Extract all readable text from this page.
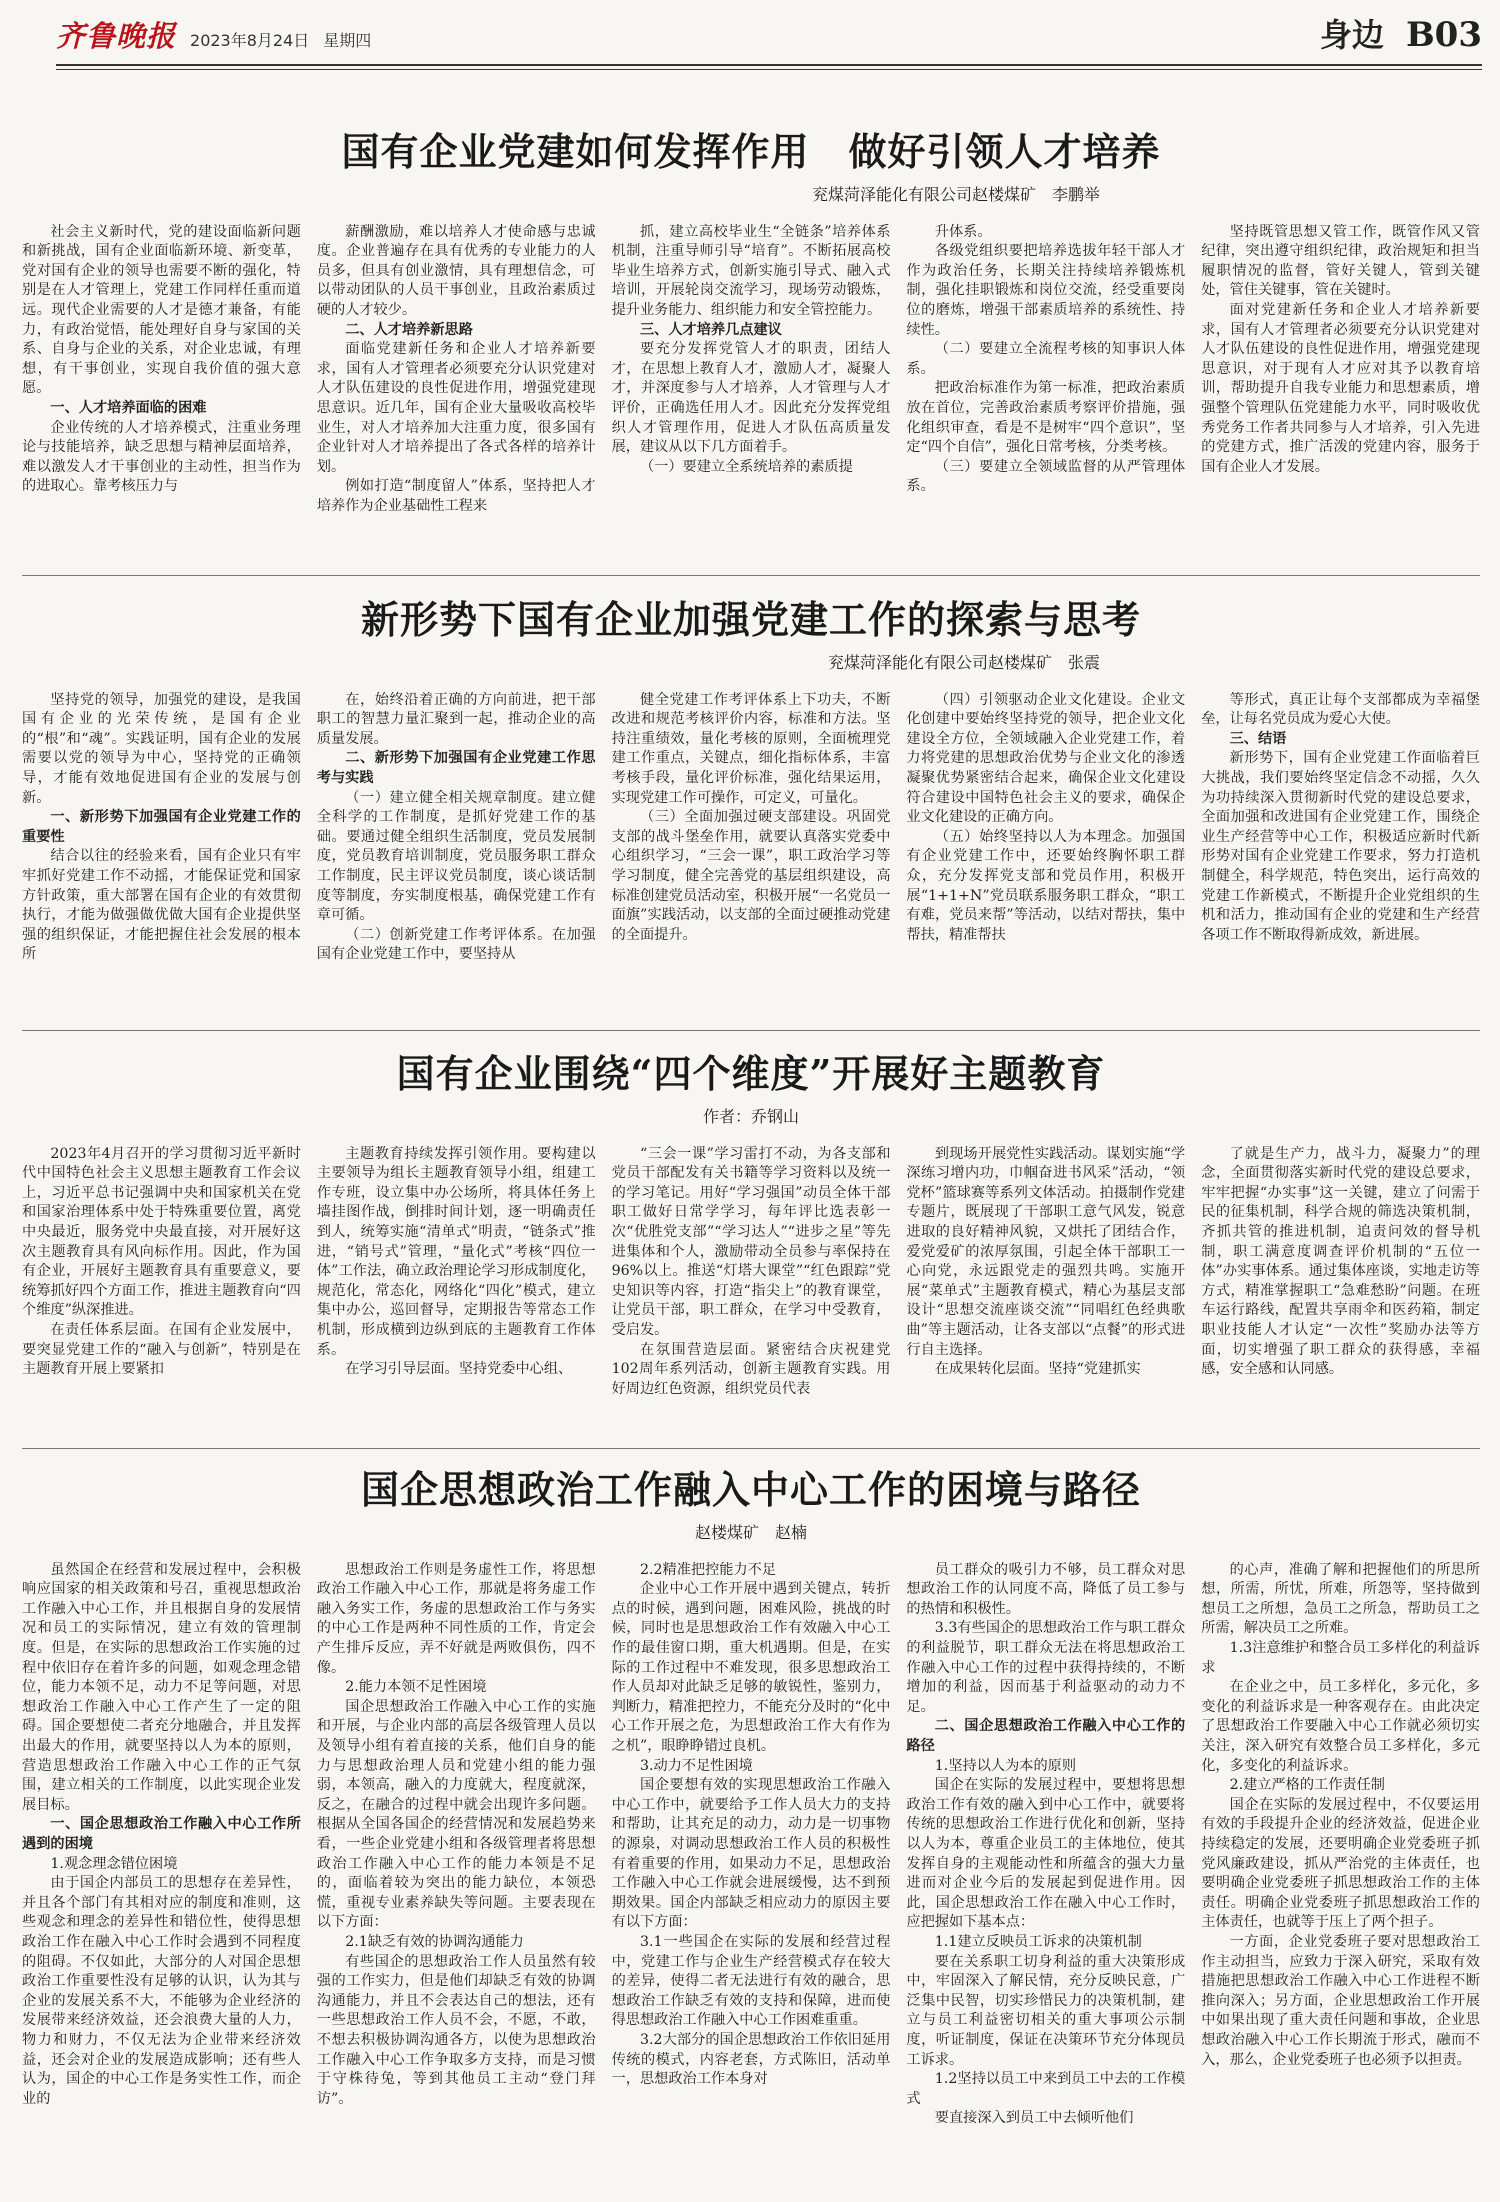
齐鲁晚报 2023年8月24日 星期四	身边 B03
国有企业党建如何发挥作用　做好引领人才培养
兖煤菏泽能化有限公司赵楼煤矿　李鹏举

社会主义新时代，党的建设面临新问题和新挑战，国有企业面临新环境、新变革，党对国有企业的领导也需要不断的强化，特别是在人才管理上，党建工作同样任重而道远。现代企业需要的人才是德才兼备，有能力，有政治觉悟，能处理好自身与家国的关系、自身与企业的关系，对企业忠诚，有理想，有干事创业，实现自我价值的强大意愿。

一、人才培养面临的困难

企业传统的人才培养模式，注重业务理论与技能培养，缺乏思想与精神层面培养，难以激发人才干事创业的主动性，担当作为的进取心。靠考核压力与

薪酬激励，难以培养人才使命感与忠诚度。企业普遍存在具有优秀的专业能力的人员多，但具有创业激情，具有理想信念，可以带动团队的人员干事创业，且政治素质过硬的人才较少。

二、人才培养新思路

面临党建新任务和企业人才培养新要求，国有人才管理者必须要充分认识党建对人才队伍建设的良性促进作用，增强党建现思意识。近几年，国有企业大量吸收高校毕业生，对人才培养加大注重力度，很多国有企业针对人才培养提出了各式各样的培养计划。

例如打造“制度留人”体系，坚持把人才培养作为企业基础性工程来

抓，建立高校毕业生“全链条”培养体系机制，注重导师引导“培育”。不断拓展高校毕业生培养方式，创新实施引导式、融入式培训，开展轮岗交流学习，现场劳动锻炼，提升业务能力、组织能力和安全管控能力。

三、人才培养几点建议

要充分发挥党管人才的职责，团结人才，在思想上教育人才，激励人才，凝聚人才，并深度参与人才培养，人才管理与人才评价，正确选任用人才。因此充分发挥党组织人才管理作用，促进人才队伍高质量发展，建议从以下几方面着手。

（一）要建立全系统培养的素质提

升体系。

各级党组织要把培养选拔年轻干部人才作为政治任务，长期关注持续培养锻炼机制，强化挂职锻炼和岗位交流，经受重要岗位的磨炼，增强干部素质培养的系统性、持续性。

（二）要建立全流程考核的知事识人体系。

把政治标准作为第一标准，把政治素质放在首位，完善政治素质考察评价措施，强化组织审查，看是不是树牢“四个意识”，坚定“四个自信”，强化日常考核，分类考核。

（三）要建立全领域监督的从严管理体系。

坚持既管思想又管工作，既管作风又管纪律，突出遵守组织纪律，政治规矩和担当履职情况的监督，管好关键人，管到关键处，管住关键事，管在关键时。

面对党建新任务和企业人才培养新要求，国有人才管理者必须要充分认识党建对人才队伍建设的良性促进作用，增强党建现思意识，对于现有人才应对其予以教育培训，帮助提升自我专业能力和思想素质，增强整个管理队伍党建能力水平，同时吸收优秀党务工作者共同参与人才培养，引入先进的党建方式，推广活泼的党建内容，服务于国有企业人才发展。

新形势下国有企业加强党建工作的探索与思考
兖煤菏泽能化有限公司赵楼煤矿　张震

坚持党的领导，加强党的建设，是我国国有企业的光荣传统，是国有企业的“根”和“魂”。实践证明，国有企业的发展需要以党的领导为中心，坚持党的正确领导，才能有效地促进国有企业的发展与创新。

一、新形势下加强国有企业党建工作的重要性

结合以往的经验来看，国有企业只有牢牢抓好党建工作不动摇，才能保证党和国家方针政策，重大部署在国有企业的有效贯彻执行，才能为做强做优做大国有企业提供坚强的组织保证，才能把握住社会发展的根本所

在，始终沿着正确的方向前进，把干部职工的智慧力量汇聚到一起，推动企业的高质量发展。

二、新形势下加强国有企业党建工作思考与实践

（一）建立健全相关规章制度。建立健全科学的工作制度，是抓好党建工作的基础。要通过健全组织生活制度，党员发展制度，党员教育培训制度，党员服务职工群众工作制度，民主评议党员制度，谈心谈话制度等制度，夯实制度根基，确保党建工作有章可循。

（二）创新党建工作考评体系。在加强国有企业党建工作中，要坚持从

健全党建工作考评体系上下功夫，不断改进和规范考核评价内容，标准和方法。坚持注重绩效，量化考核的原则，全面梳理党建工作重点，关键点，细化指标体系，丰富考核手段，量化评价标准，强化结果运用，实现党建工作可操作，可定义，可量化。

（三）全面加强过硬支部建设。巩固党支部的战斗堡垒作用，就要认真落实党委中心组织学习，“三会一课”，职工政治学习等学习制度，健全完善党的基层组织建设，高标准创建党员活动室，积极开展“一名党员一面旗”实践活动，以支部的全面过硬推动党建的全面提升。

（四）引领驱动企业文化建设。企业文化创建中要始终坚持党的领导，把企业文化建设全方位，全领域融入企业党建工作，着力将党建的思想政治优势与企业文化的渗透凝聚优势紧密结合起来，确保企业文化建设符合建设中国特色社会主义的要求，确保企业文化建设的正确方向。

（五）始终坚持以人为本理念。加强国有企业党建工作中，还要始终胸怀职工群众，充分发挥党支部和党员作用，积极开展“1+1+N”党员联系服务职工群众，“职工有难，党员来帮”等活动，以结对帮扶，集中帮扶，精准帮扶

等形式，真正让每个支部都成为幸福堡垒，让每名党员成为爱心大使。

三、结语

新形势下，国有企业党建工作面临着巨大挑战，我们要始终坚定信念不动摇，久久为功持续深入贯彻新时代党的建设总要求，全面加强和改进国有企业党建工作，围绕企业生产经营等中心工作，积极适应新时代新形势对国有企业党建工作要求，努力打造机制健全，科学规范，特色突出，运行高效的党建工作新模式，不断提升企业党组织的生机和活力，推动国有企业的党建和生产经营各项工作不断取得新成效，新进展。

国有企业围绕“四个维度”开展好主题教育
作者：乔钢山

2023年4月召开的学习贯彻习近平新时代中国特色社会主义思想主题教育工作会议上，习近平总书记强调中央和国家机关在党和国家治理体系中处于特殊重要位置，离党中央最近，服务党中央最直接，对开展好这次主题教育具有风向标作用。因此，作为国有企业，开展好主题教育具有重要意义，要统筹抓好四个方面工作，推进主题教育向“四个维度”纵深推进。

在责任体系层面。在国有企业发展中，要突显党建工作的“融入与创新”，特别是在主题教育开展上要紧扣

主题教育持续发挥引领作用。要构建以主要领导为组长主题教育领导小组，组建工作专班，设立集中办公场所，将具体任务上墙挂图作战，倒排时间计划，逐一明确责任到人，统筹实施“清单式”明责，“链条式”推进，“销号式”管理，“量化式”考核“四位一体”工作法，确立政治理论学习形成制度化，规范化，常态化，网络化“四化”模式，建立集中办公，巡回督导，定期报告等常态工作机制，形成横到边纵到底的主题教育工作体系。

在学习引导层面。坚持党委中心组、

“三会一课”学习雷打不动，为各支部和党员干部配发有关书籍等学习资料以及统一的学习笔记。用好“学习强国”动员全体干部职工做好日常学学习，每年评比选表彰一次“优胜党支部”“学习达人”“进步之星”等先进集体和个人，激励带动全员参与率保持在96%以上。推送“灯塔大课堂”“红色跟踪”党史知识等内容，打造“指尖上”的教育课堂，让党员干部，职工群众，在学习中受教育，受启发。

在氛围营造层面。紧密结合庆祝建党102周年系列活动，创新主题教育实践。用好周边红色资源，组织党员代表

到现场开展党性实践活动。谋划实施“学深练习增内功，巾帼奋进书风采”活动，“领党杯”篮球赛等系列文体活动。拍摄制作党建专题片，既展现了干部职工意气风发，锐意进取的良好精神风貌，又烘托了团结合作，爱党爱矿的浓厚氛围，引起全体干部职工一心向党，永远跟党走的强烈共鸣。实施开展“菜单式”主题教育模式，精心为基层支部设计“思想交流座谈交流”“同唱红色经典歌曲”等主题活动，让各支部以“点餐”的形式进行自主选择。

在成果转化层面。坚持“党建抓实

了就是生产力，战斗力，凝聚力”的理念，全面贯彻落实新时代党的建设总要求，牢牢把握“办实事”这一关键，建立了问需于民的征集机制，科学合规的筛选决策机制，齐抓共管的推进机制，追责问效的督导机制，职工满意度调查评价机制的“五位一体”办实事体系。通过集体座谈，实地走访等方式，精准掌握职工“急难愁盼”问题。在班车运行路线，配置共享雨伞和医药箱，制定职业技能人才认定“一次性”奖励办法等方面，切实增强了职工群众的获得感，幸福感，安全感和认同感。

国企思想政治工作融入中心工作的困境与路径
赵楼煤矿　赵楠

虽然国企在经营和发展过程中，会积极响应国家的相关政策和号召，重视思想政治工作融入中心工作，并且根据自身的发展情况和员工的实际情况，建立有效的管理制度。但是，在实际的思想政治工作实施的过程中依旧存在着许多的问题，如观念理念错位，能力本领不足，动力不足等问题，对思想政治工作融入中心工作产生了一定的阻碍。国企要想使二者充分地融合，并且发挥出最大的作用，就要坚持以人为本的原则，营造思想政治工作融入中心工作的正气氛围，建立相关的工作制度，以此实现企业发展目标。

一、国企思想政治工作融入中心工作所遇到的困境

1.观念理念错位困境

由于国企内部员工的思想存在差异性，并且各个部门有其相对应的制度和准则，这些观念和理念的差异性和错位性，使得思想政治工作在融入中心工作时会遇到不同程度的阻碍。不仅如此，大部分的人对国企思想政治工作重要性没有足够的认识，认为其与企业的发展关系不大，不能够为企业经济的发展带来经济效益，还会浪费大量的人力，物力和财力，不仅无法为企业带来经济效益，还会对企业的发展造成影响；还有些人认为，国企的中心工作是务实性工作，而企业的

思想政治工作则是务虚性工作，将思想政治工作融入中心工作，那就是将务虚工作融入务实工作，务虚的思想政治工作与务实的中心工作是两种不同性质的工作，肯定会产生排斥反应，弄不好就是两败俱伤，四不像。

2.能力本领不足性困境

国企思想政治工作融入中心工作的实施和开展，与企业内部的高层各级管理人员以及领导小组有着直接的关系，他们自身的能力与思想政治理人员和党建小组的能力强弱，本领高，融入的力度就大，程度就深，反之，在融合的过程中就会出现许多问题。根据从全国各国企的经营情况和发展趋势来看，一些企业党建小组和各级管理者将思想政治工作融入中心工作的能力本领是不足的，面临着较为突出的能力缺位，本领恐慌，重视专业素养缺失等问题。主要表现在以下方面：

2.1缺乏有效的协调沟通能力

有些国企的思想政治工作人员虽然有较强的工作实力，但是他们却缺乏有效的协调沟通能力，并且不会表达自己的想法，还有一些思想政治工作人员不会，不愿，不敢，不想去积极协调沟通各方，以使为思想政治工作融入中心工作争取多方支持，而是习惯于守株待兔，等到其他员工主动“登门拜访”。

2.2精准把控能力不足

企业中心工作开展中遇到关键点，转折点的时候，遇到问题，困难风险，挑战的时候，同时也是思想政治工作有效融入中心工作的最佳窗口期，重大机遇期。但是，在实际的工作过程中不难发现，很多思想政治工作人员却对此缺乏足够的敏锐性，鉴别力，判断力，精准把控力，不能充分及时的“化中心工作开展之危，为思想政治工作大有作为之机”，眼睁睁错过良机。

3.动力不足性困境

国企要想有效的实现思想政治工作融入中心工作中，就要给予工作人员大力的支持和帮助，让其充足的动力，动力是一切事物的源泉，对调动思想政治工作人员的积极性有着重要的作用，如果动力不足，思想政治工作融入中心工作就会进展缓慢，达不到预期效果。国企内部缺乏相应动力的原因主要有以下方面：

3.1一些国企在实际的发展和经营过程中，党建工作与企业生产经营模式存在较大的差异，使得二者无法进行有效的融合，思想政治工作缺乏有效的支持和保障，进而使得思想政治工作融入中心工作困难重重。

3.2大部分的国企思想政治工作依旧延用传统的模式，内容老套，方式陈旧，活动单一，思想政治工作本身对

员工群众的吸引力不够，员工群众对思想政治工作的认同度不高，降低了员工参与的热情和积极性。

3.3有些国企的思想政治工作与职工群众的利益脱节，职工群众无法在将思想政治工作融入中心工作的过程中获得持续的，不断增加的利益，因而基于利益驱动的动力不足。

二、国企思想政治工作融入中心工作的路径

1.坚持以人为本的原则

国企在实际的发展过程中，要想将思想政治工作有效的融入到中心工作中，就要将传统的思想政治工作进行优化和创新，坚持以人为本，尊重企业员工的主体地位，使其发挥自身的主观能动性和所蕴含的强大力量进而对企业今后的发展起到促进作用。因此，国企思想政治工作在融入中心工作时，应把握如下基本点：

1.1建立反映员工诉求的决策机制

要在关系职工切身利益的重大决策形成中，牢固深入了解民情，充分反映民意，广泛集中民智，切实珍惜民力的决策机制，建立与员工利益密切相关的重大事项公示制度，听证制度，保证在决策环节充分体现员工诉求。

1.2坚持以员工中来到员工中去的工作模式

要直接深入到员工中去倾听他们

的心声，准确了解和把握他们的所思所想，所需，所忧，所难，所怨等，坚持做到想员工之所想，急员工之所急，帮助员工之所需，解决员工之所难。

1.3注意维护和整合员工多样化的利益诉求

在企业之中，员工多样化，多元化，多变化的利益诉求是一种客观存在。由此决定了思想政治工作要融入中心工作就必须切实关注，深入研究有效整合员工多样化，多元化，多变化的利益诉求。

2.建立严格的工作责任制

国企在实际的发展过程中，不仅要运用有效的手段提升企业的经济效益，促进企业持续稳定的发展，还要明确企业党委班子抓党风廉政建设，抓从严治党的主体责任，也要明确企业党委班子抓思想政治工作的主体责任。明确企业党委班子抓思想政治工作的主体责任，也就等于压上了两个担子。

一方面，企业党委班子要对思想政治工作主动担当，应致力于深入研究，采取有效措施把思想政治工作融入中心工作进程不断推向深入；另方面，企业思想政治工作开展中如果出现了重大责任问题和事故，企业思想政治融入中心工作长期流于形式，融而不入，那么，企业党委班子也必须予以担责。
